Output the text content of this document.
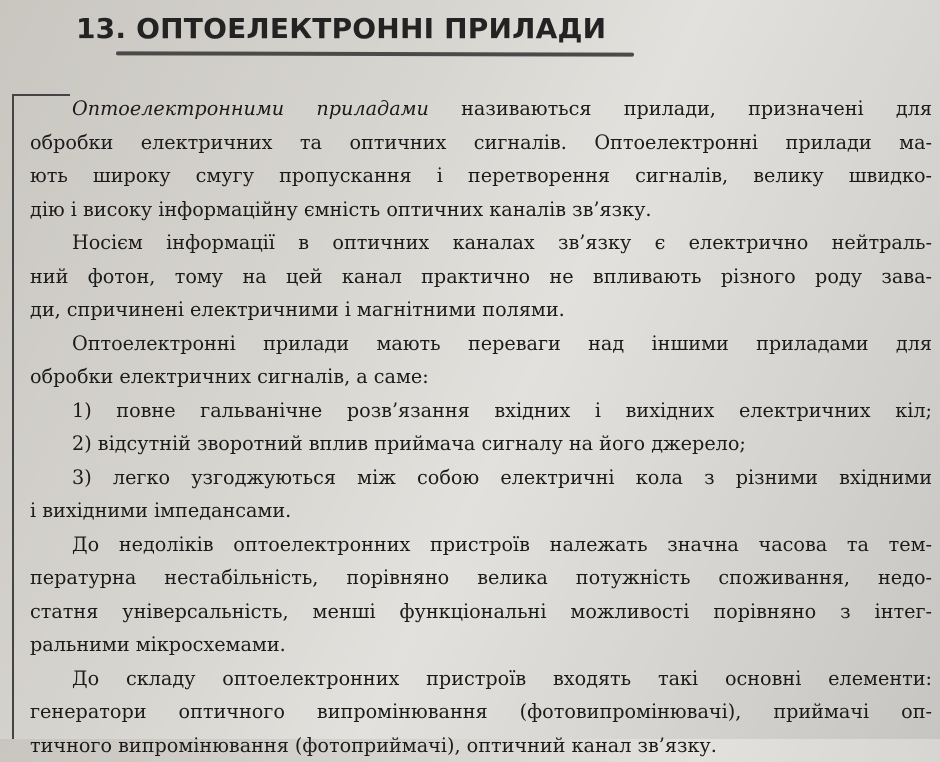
13. ОПТОЕЛЕКТРОННІ ПРИЛАДИ

Оптоелектронними приладами називаються прилади, призначені для

обробки електричних та оптичних сигналів. Оптоелектронні прилади ма-

ють широку смугу пропускання і перетворення сигналів, велику швидко-

дію і високу інформаційну ємність оптичних каналів зв’язку.

Носієм інформації в оптичних каналах зв’язку є електрично нейтраль-

ний фотон, тому на цей канал практично не впливають різного роду зава-

ди, спричинені електричними і магнітними полями.

Оптоелектронні прилади мають переваги над іншими приладами для

обробки електричних сигналів, а саме:

1) повне гальванічне розв’язання вхідних і вихідних електричних кіл;

2) відсутній зворотний вплив приймача сигналу на його джерело;

3) легко узгоджуються між собою електричні кола з різними вхідними

і вихідними імпедансами.

До недоліків оптоелектронних пристроїв належать значна часова та тем-

пературна нестабільність, порівняно велика потужність споживання, недо-

статня універсальність, менші функціональні можливості порівняно з інтег-

ральними мікросхемами.

До складу оптоелектронних пристроїв входять такі основні елементи:

генератори оптичного випромінювання (фотовипромінювачі), приймачі оп-

тичного випромінювання (фотоприймачі), оптичний канал зв’язку.
